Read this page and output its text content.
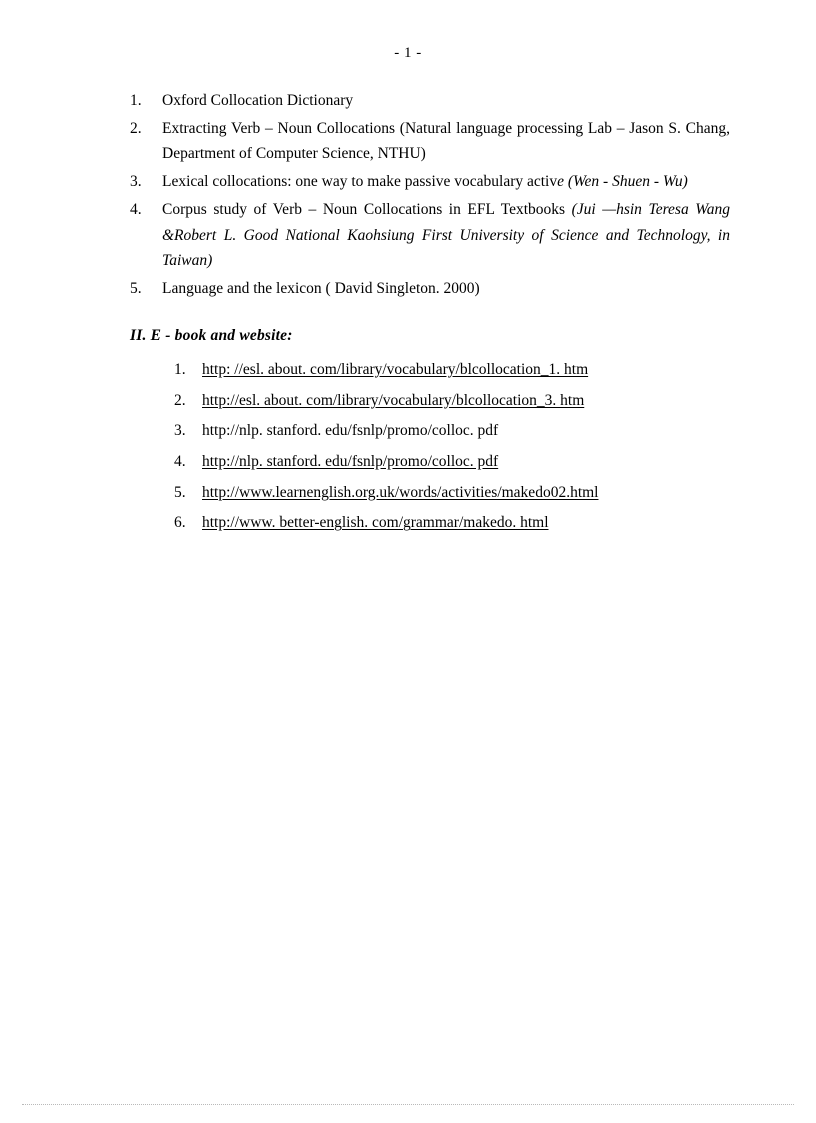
- 1 -
1.	Oxford Collocation Dictionary
2.	Extracting Verb – Noun Collocations (Natural language processing Lab – Jason S. Chang, Department of Computer Science, NTHU)
3.	Lexical collocations: one way to make passive vocabulary active (Wen - Shuen - Wu)
4.	Corpus study of Verb – Noun Collocations in EFL Textbooks (Jui —hsin Teresa Wang &Robert L. Good National Kaohsiung First University of Science and Technology, in Taiwan)
5.	Language and the lexicon ( David Singleton. 2000)
II. E - book and website:
1.	http: //esl. about. com/library/vocabulary/blcollocation_1. htm
2.	http://esl. about. com/library/vocabulary/blcollocation_3. htm
3.	http://nlp. stanford. edu/fsnlp/promo/colloc. pdf
4.	http://nlp. stanford. edu/fsnlp/promo/colloc. pdf
5.	http://www.learnenglish.org.uk/words/activities/makedo02.html
6.	http://www. better-english. com/grammar/makedo. html
